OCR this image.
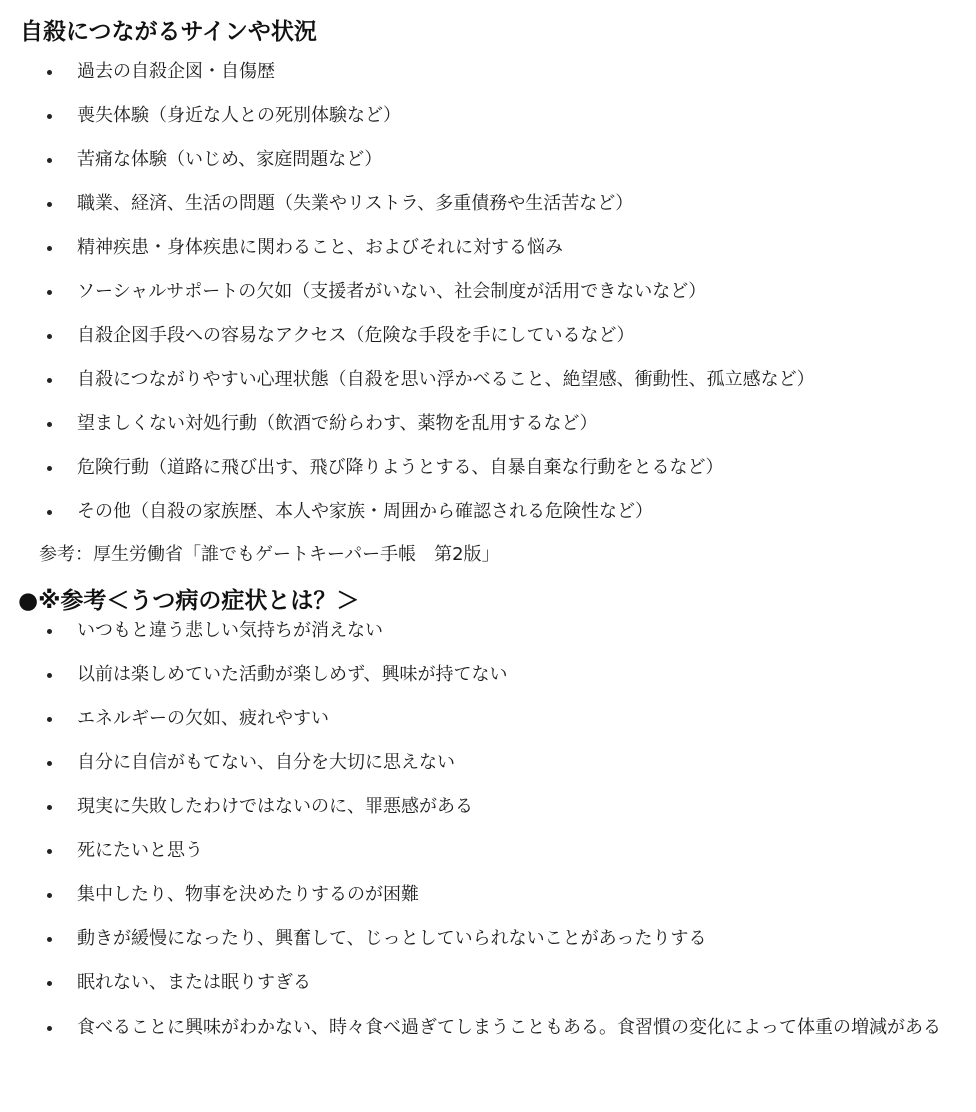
自殺につながるサインや状況
過去の自殺企図・自傷歴
喪失体験（身近な人との死別体験など）
苦痛な体験（いじめ、家庭問題など）
職業、経済、生活の問題（失業やリストラ、多重債務や生活苦など）
精神疾患・身体疾患に関わること、およびそれに対する悩み
ソーシャルサポートの欠如（支援者がいない、社会制度が活用できないなど）
自殺企図手段への容易なアクセス（危険な手段を手にしているなど）
自殺につながりやすい心理状態（自殺を思い浮かべること、絶望感、衝動性、孤立感など）
望ましくない対処行動（飲酒で紛らわす、薬物を乱用するなど）
危険行動（道路に飛び出す、飛び降りようとする、自暴自棄な行動をとるなど）
その他（自殺の家族歴、本人や家族・周囲から確認される危険性など）

参考：厚生労働省「誰でもゲートキーパー手帳　第2版」

●※参考＜うつ病の症状とは？＞
いつもと違う悲しい気持ちが消えない
以前は楽しめていた活動が楽しめず、興味が持てない
エネルギーの欠如、疲れやすい
自分に自信がもてない、自分を大切に思えない
現実に失敗したわけではないのに、罪悪感がある
死にたいと思う
集中したり、物事を決めたりするのが困難
動きが緩慢になったり、興奮して、じっとしていられないことがあったりする
眠れない、または眠りすぎる
食べることに興味がわかない、時々食べ過ぎてしまうこともある。食習慣の変化によって体重の増減がある
